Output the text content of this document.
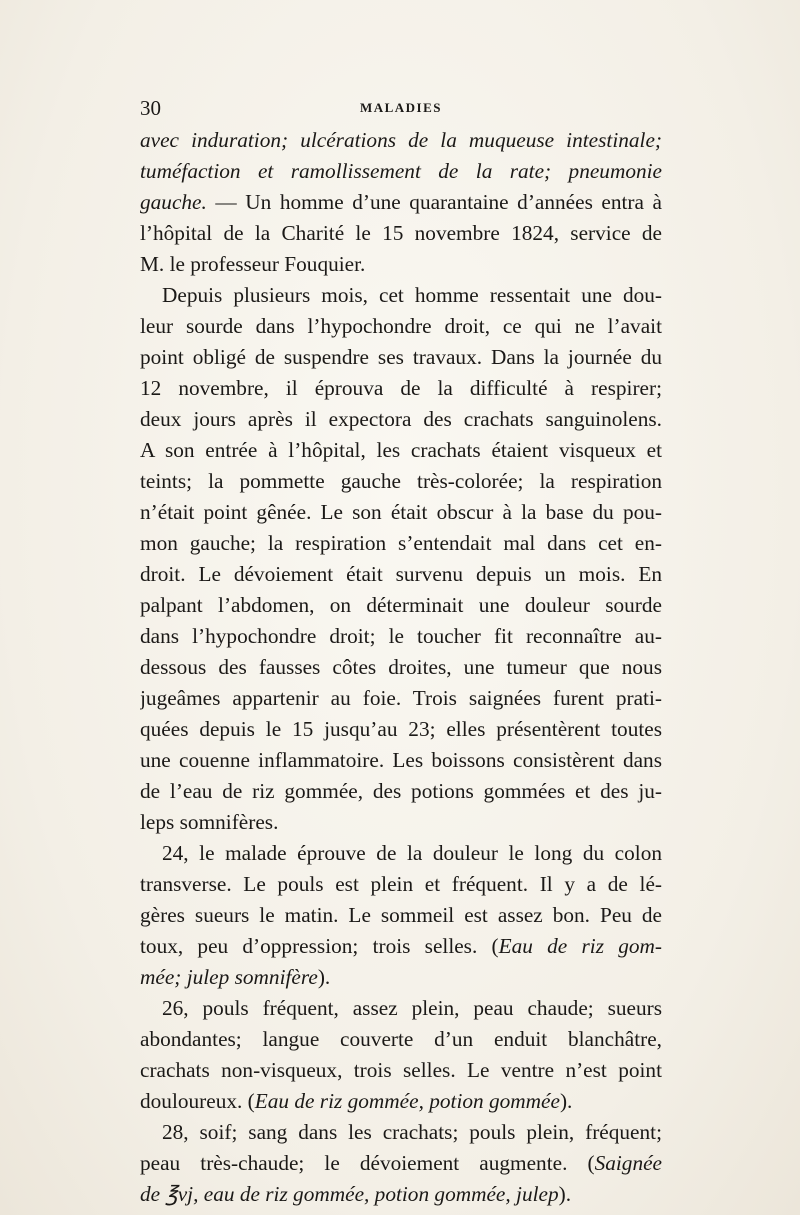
30	MALADIES
avec induration; ulcérations de la muqueuse intestinale;
tuméfaction et ramollissement de la rate; pneumonie
gauche. — Un homme d’une quarantaine d’années entra à
l’hôpital de la Charité le 15 novembre 1824, service de
M. le professeur Fouquier.
Depuis plusieurs mois, cet homme ressentait une dou-
leur sourde dans l’hypochondre droit, ce qui ne l’avait
point obligé de suspendre ses travaux. Dans la journée du
12 novembre, il éprouva de la difficulté à respirer;
deux jours après il expectora des crachats sanguinolens.
A son entrée à l’hôpital, les crachats étaient visqueux et
teints; la pommette gauche très-colorée; la respiration
n’était point gênée. Le son était obscur à la base du pou-
mon gauche; la respiration s’entendait mal dans cet en-
droit. Le dévoiement était survenu depuis un mois. En
palpant l’abdomen, on déterminait une douleur sourde
dans l’hypochondre droit; le toucher fit reconnaître au-
dessous des fausses côtes droites, une tumeur que nous
jugeâmes appartenir au foie. Trois saignées furent prati-
quées depuis le 15 jusqu’au 23; elles présentèrent toutes
une couenne inflammatoire. Les boissons consistèrent dans
de l’eau de riz gommée, des potions gommées et des ju-
leps somnifères.
24, le malade éprouve de la douleur le long du colon
transverse. Le pouls est plein et fréquent. Il y a de lé-
gères sueurs le matin. Le sommeil est assez bon. Peu de
toux, peu d’oppression; trois selles. (Eau de riz gom-
mée; julep somnifère).
26, pouls fréquent, assez plein, peau chaude; sueurs
abondantes; langue couverte d’un enduit blanchâtre,
crachats non-visqueux, trois selles. Le ventre n’est point
douloureux. (Eau de riz gommée, potion gommée).
28, soif; sang dans les crachats; pouls plein, fréquent;
peau très-chaude; le dévoiement augmente. (Saignée
de ℥vj, eau de riz gommée, potion gommée, julep).
